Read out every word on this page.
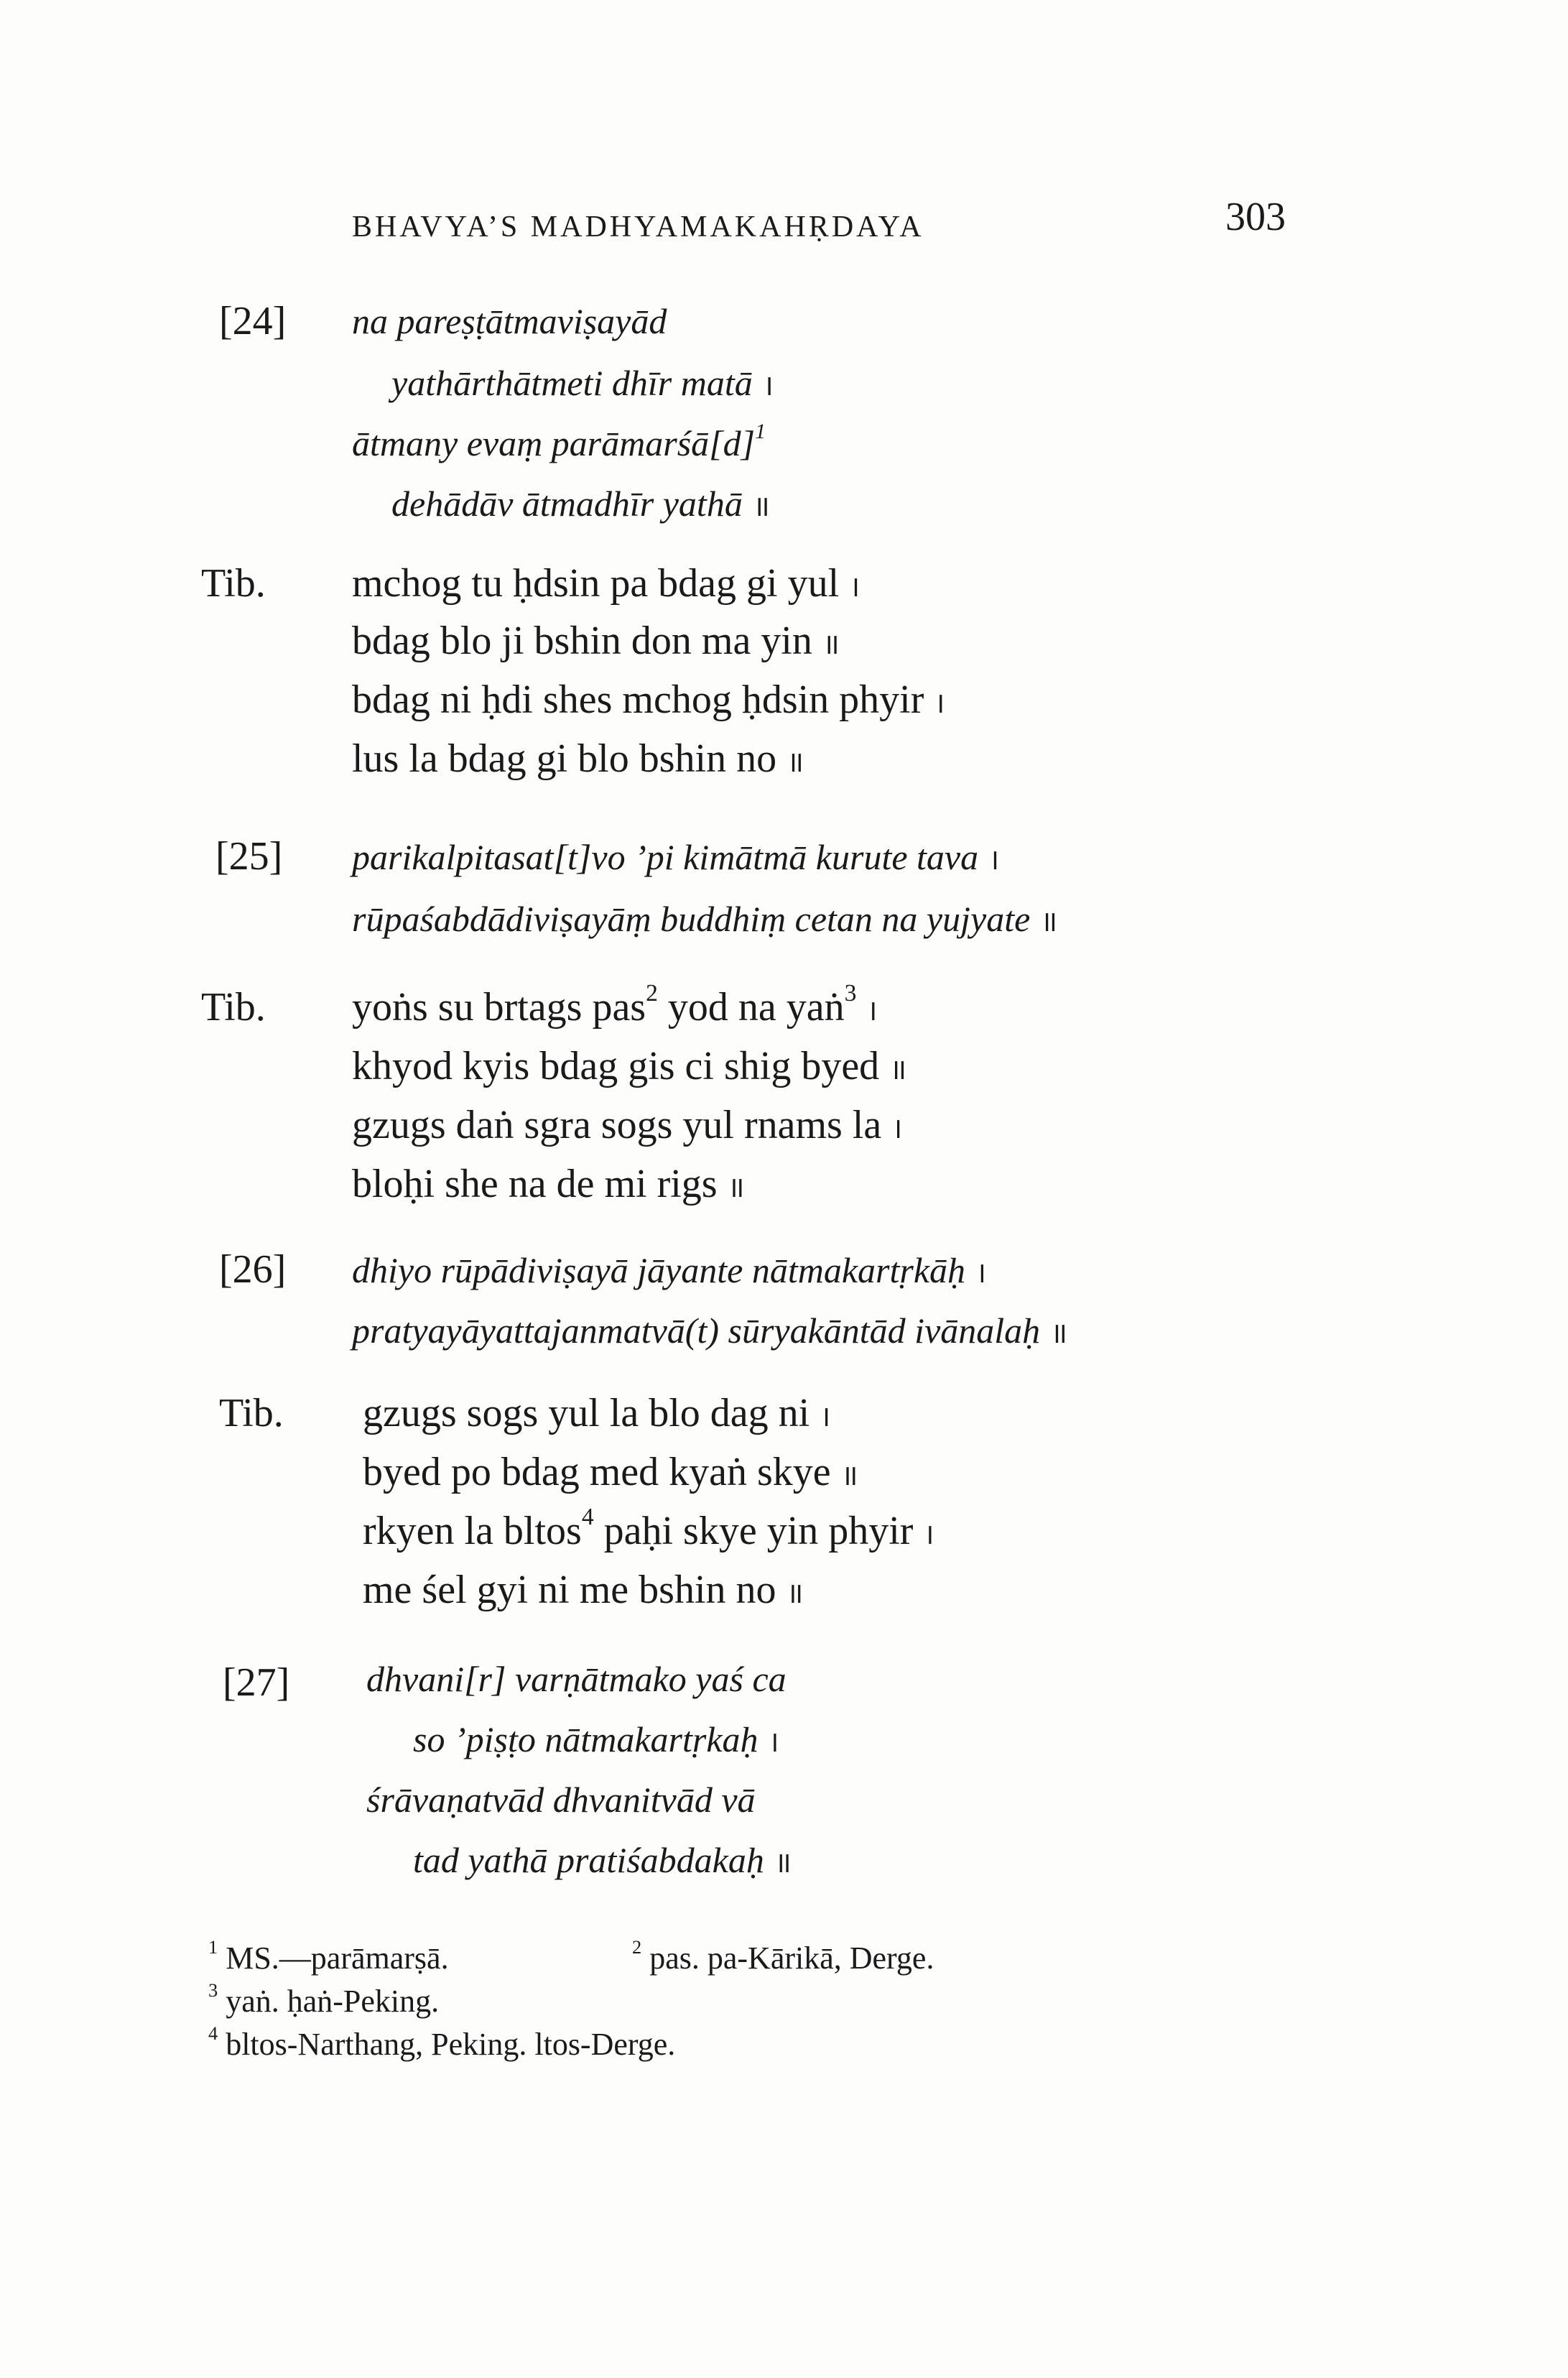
BHAVYA’S MADHYAMAKAHṚDAYA	303
[24] na pareṣṭātmaviṣayād
yathārthātmeti dhīr matā ।
ātmany evaṃ $parāmarśā[d]^1$
dehādāv ātmadhīr yathā ॥
Tib. mchog tu ḥdsin pa bdag gi yul ।
bdag blo ji bshin don ma yin ॥
bdag ni ḥdi shes mchog ḥdsin phyir ।
lus la bdag gi blo bshin no ॥
[25] parikalpitasat[t]vo ’pi kimātmā kurute tava ।
rūpaśabdādiviṣayāṃ buddhiṃ cetan na yujyate ॥
Tib. yoṅs su brtags pas$^2$ yod na yaṅ$^3$।
khyod kyis bdag gis ci shig byed ॥
gzugs daṅ sgra sogs yul rnams la ।
bloḥi she na de mi rigs ॥
[26] dhiyo rūpādiviṣayā jāyante nātmakartṛkāḥ ।
pratyayāyattajanmatvā(t) sūryakāntād ivānalaḥ ॥
Tib. gzugs sogs yul la blo dag ni ।
byed po bdag med kyaṅ skye ॥
rkyen la bltos$^4$ paḥi skye yin phyir ।
me śel gyi ni me bshin no ॥
[27] dhvani[r] varṇātmako yaś ca
so ’piṣṭo nātmakartṛkaḥ ।
śrāvaṇatvād dhvanitvād vā
tad yathā pratiśabdakaḥ ॥
$^1$ MS.—parāmarṣā.	$^2$ pas. pa-Kārikā, Derge.
$^3$ yaṅ. ḥaṅ-Peking.
$^4$ bltos-Narthang, Peking. ltos-Derge.
